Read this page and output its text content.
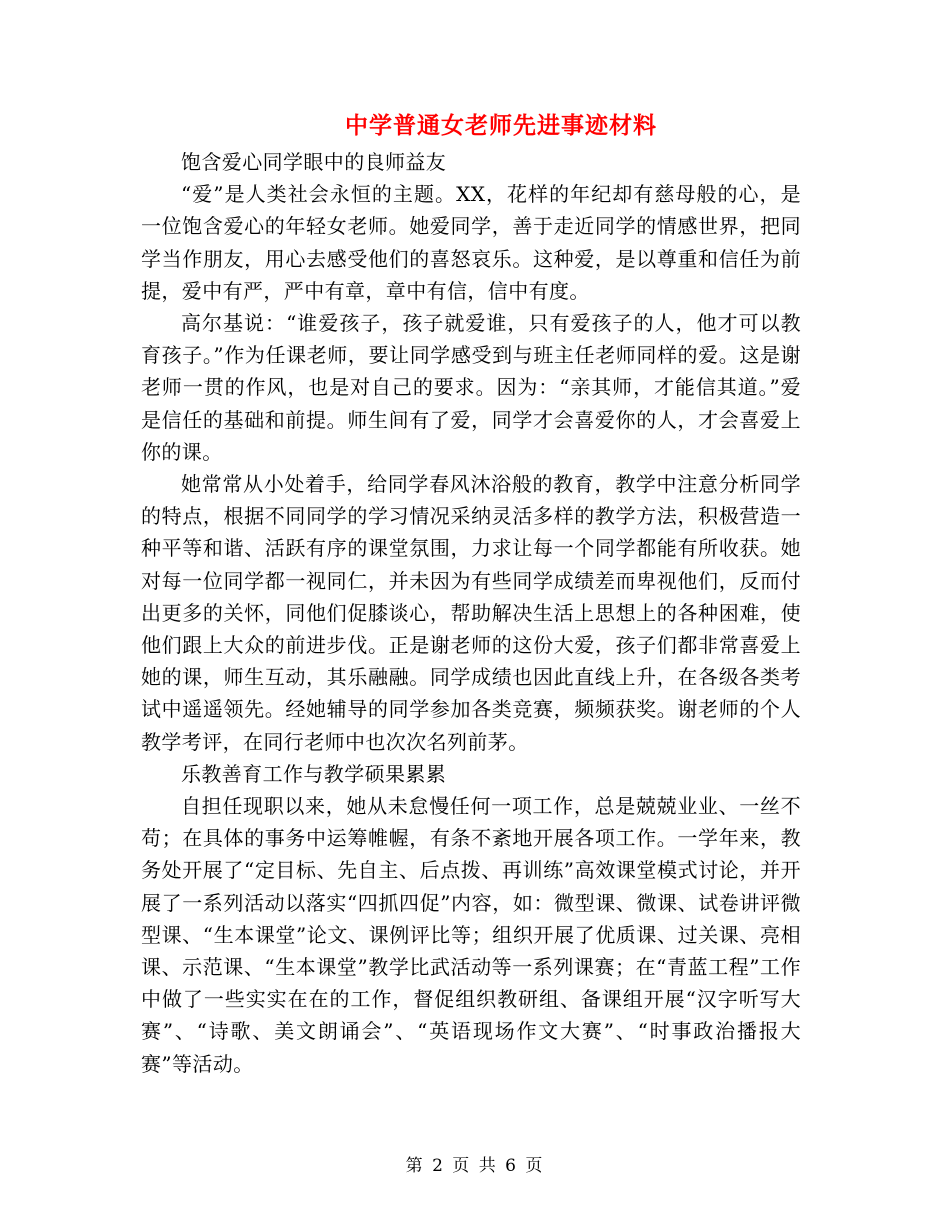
中学普通女老师先进事迹材料

饱含爱心同学眼中的良师益友

“爱”是人类社会永恒的主题。XX，花样的年纪却有慈母般的心，是一位饱含爱心的年轻女老师。她爱同学，善于走近同学的情感世界，把同学当作朋友，用心去感受他们的喜怒哀乐。这种爱，是以尊重和信任为前提，爱中有严，严中有章，章中有信，信中有度。

高尔基说：“谁爱孩子，孩子就爱谁，只有爱孩子的人，他才可以教育孩子。”作为任课老师，要让同学感受到与班主任老师同样的爱。这是谢老师一贯的作风，也是对自己的要求。因为：“亲其师，才能信其道。”爱是信任的基础和前提。师生间有了爱，同学才会喜爱你的人，才会喜爱上你的课。

她常常从小处着手，给同学春风沐浴般的教育，教学中注意分析同学的特点，根据不同同学的学习情况采纳灵活多样的教学方法，积极营造一种平等和谐、活跃有序的课堂氛围，力求让每一个同学都能有所收获。她对每一位同学都一视同仁，并未因为有些同学成绩差而卑视他们，反而付出更多的关怀，同他们促膝谈心，帮助解决生活上思想上的各种困难，使他们跟上大众的前进步伐。正是谢老师的这份大爱，孩子们都非常喜爱上她的课，师生互动，其乐融融。同学成绩也因此直线上升，在各级各类考试中遥遥领先。经她辅导的同学参加各类竞赛，频频获奖。谢老师的个人教学考评，在同行老师中也次次名列前茅。

乐教善育工作与教学硕果累累

自担任现职以来，她从未怠慢任何一项工作，总是兢兢业业、一丝不苟；在具体的事务中运筹帷幄，有条不紊地开展各项工作。一学年来，教务处开展了“定目标、先自主、后点拨、再训练”高效课堂模式讨论，并开展了一系列活动以落实“四抓四促”内容，如：微型课、微课、试卷讲评微型课、“生本课堂”论文、课例评比等；组织开展了优质课、过关课、亮相课、示范课、“生本课堂”教学比武活动等一系列课赛；在“青蓝工程”工作中做了一些实实在在的工作，督促组织教研组、备课组开展“汉字听写大赛”、“诗歌、美文朗诵会”、“英语现场作文大赛”、“时事政治播报大赛”等活动。

第 2 页 共 6 页
